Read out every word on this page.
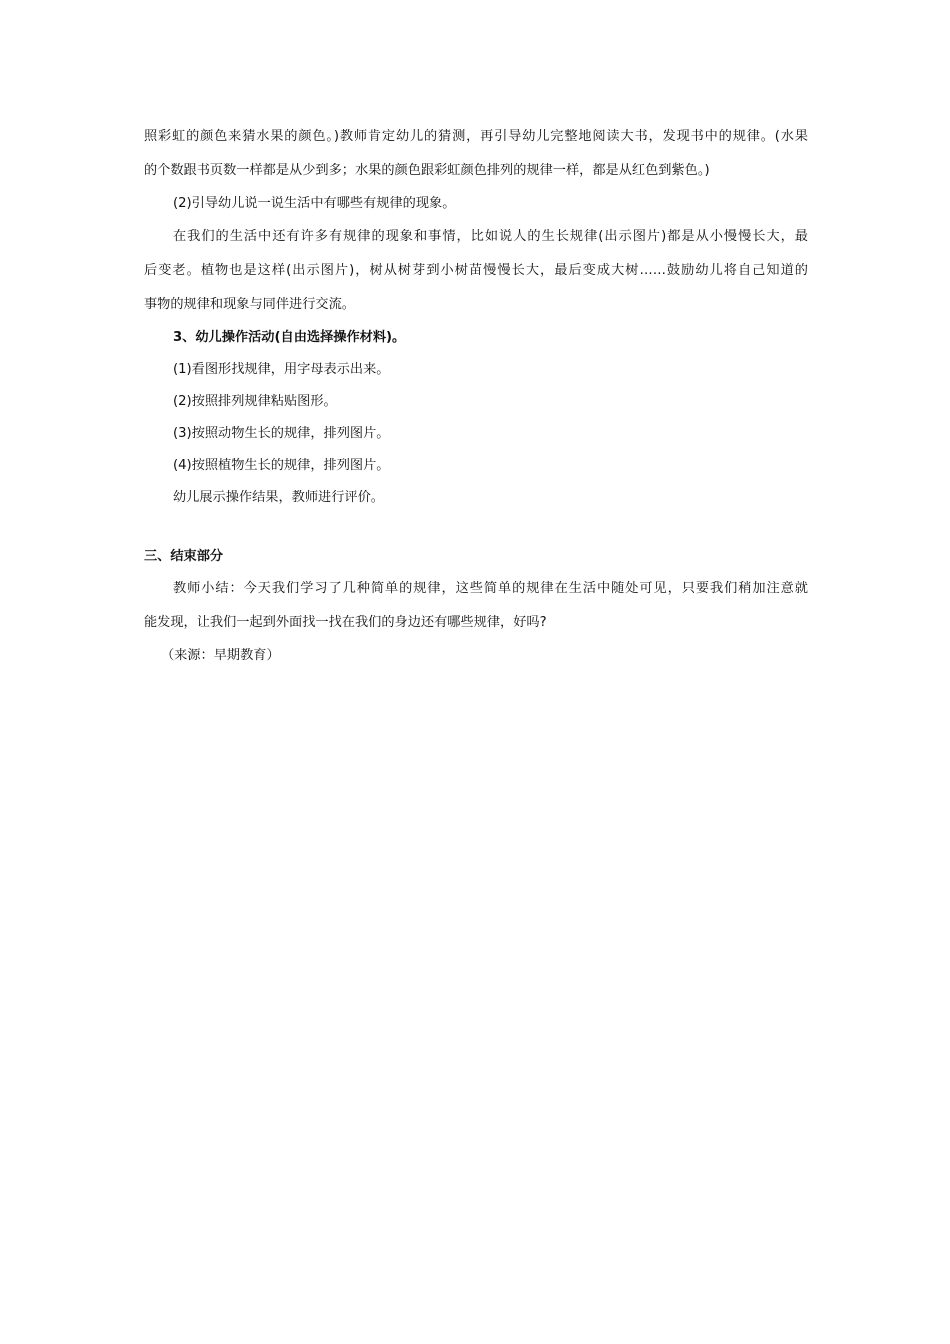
照彩虹的颜色来猜水果的颜色。)教师肯定幼儿的猜测，再引导幼儿完整地阅读大书，发现书中的规律。(水果
的个数跟书页数一样都是从少到多；水果的颜色跟彩虹颜色排列的规律一样，都是从红色到紫色。)

(2)引导幼儿说一说生活中有哪些有规律的现象。

在我们的生活中还有许多有规律的现象和事情，比如说人的生长规律(出示图片)都是从小慢慢长大，最
后变老。植物也是这样(出示图片)，树从树芽到小树苗慢慢长大，最后变成大树……鼓励幼儿将自己知道的
事物的规律和现象与同伴进行交流。

3、幼儿操作活动(自由选择操作材料)。

(1)看图形找规律，用字母表示出来。

(2)按照排列规律粘贴图形。

(3)按照动物生长的规律，排列图片。

(4)按照植物生长的规律，排列图片。

幼儿展示操作结果，教师进行评价。

三、结束部分

教师小结：今天我们学习了几种简单的规律，这些简单的规律在生活中随处可见，只要我们稍加注意就
能发现，让我们一起到外面找一找在我们的身边还有哪些规律，好吗?

（来源：早期教育）
